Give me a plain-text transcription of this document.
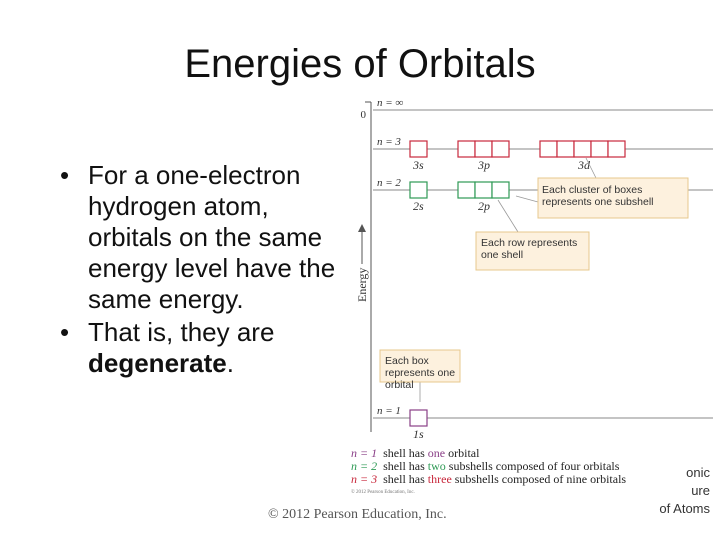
Energies of Orbitals
• For a one-electron hydrogen atom, orbitals on the same energy level have the same energy.
• That is, they are degenerate.
0
Energy
n = ∞
n = 3
3s	3p	3d
n = 2
2s	2p
Each cluster of boxes represents one subshell
Each row represents one shell
Each box represents one orbital
n = 1
1s
n = 1 shell has one orbital
n = 2 shell has two subshells composed of four orbitals
n = 3 shell has three subshells composed of nine orbitals
© 2012 Pearson Education, Inc.
© 2012 Pearson Education, Inc.
onic
ure
of Atoms
